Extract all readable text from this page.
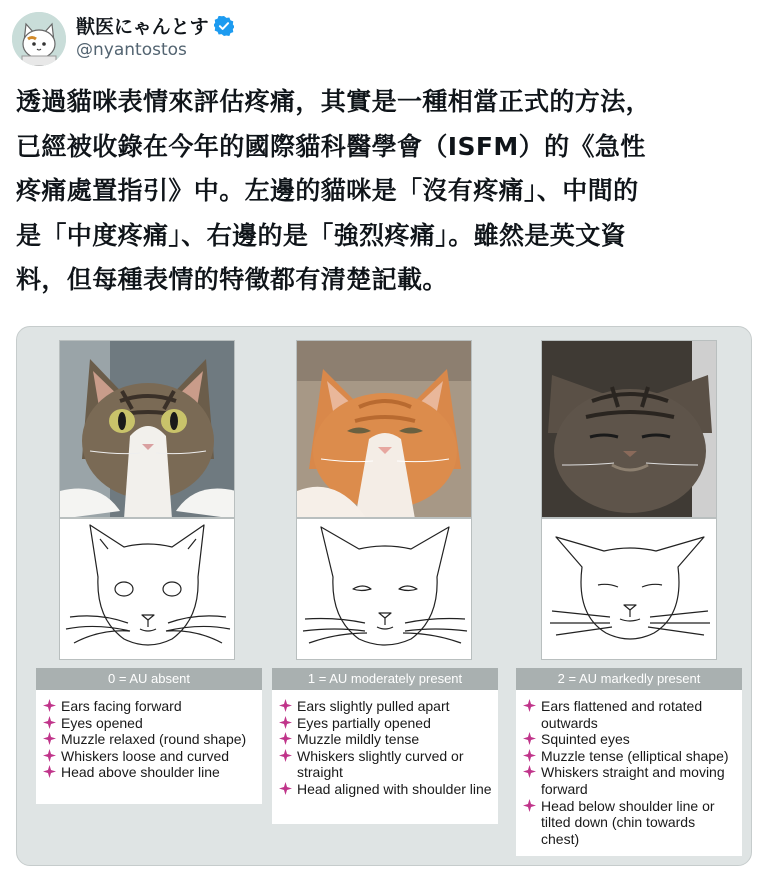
獣医にゃんとす
@nyantostos
透過貓咪表情來評估疼痛，其實是一種相當正式的方法，
已經被收錄在今年的國際貓科醫學會（ISFM）的《急性
疼痛處置指引》中。左邊的貓咪是「沒有疼痛」、中間的
是「中度疼痛」、右邊的是「強烈疼痛」。雖然是英文資
料，但每種表情的特徵都有清楚記載。
0 = AU absent
Ears facing forward
Eyes opened
Muzzle relaxed (round shape)
Whiskers loose and curved
Head above shoulder line
1 = AU moderately present
Ears slightly pulled apart
Eyes partially opened
Muzzle mildly tense
Whiskers slightly curved or straight
Head aligned with shoulder line
2 = AU markedly present
Ears flattened and rotated outwards
Squinted eyes
Muzzle tense (elliptical shape)
Whiskers straight and moving forward
Head below shoulder line or tilted down (chin towards chest)
